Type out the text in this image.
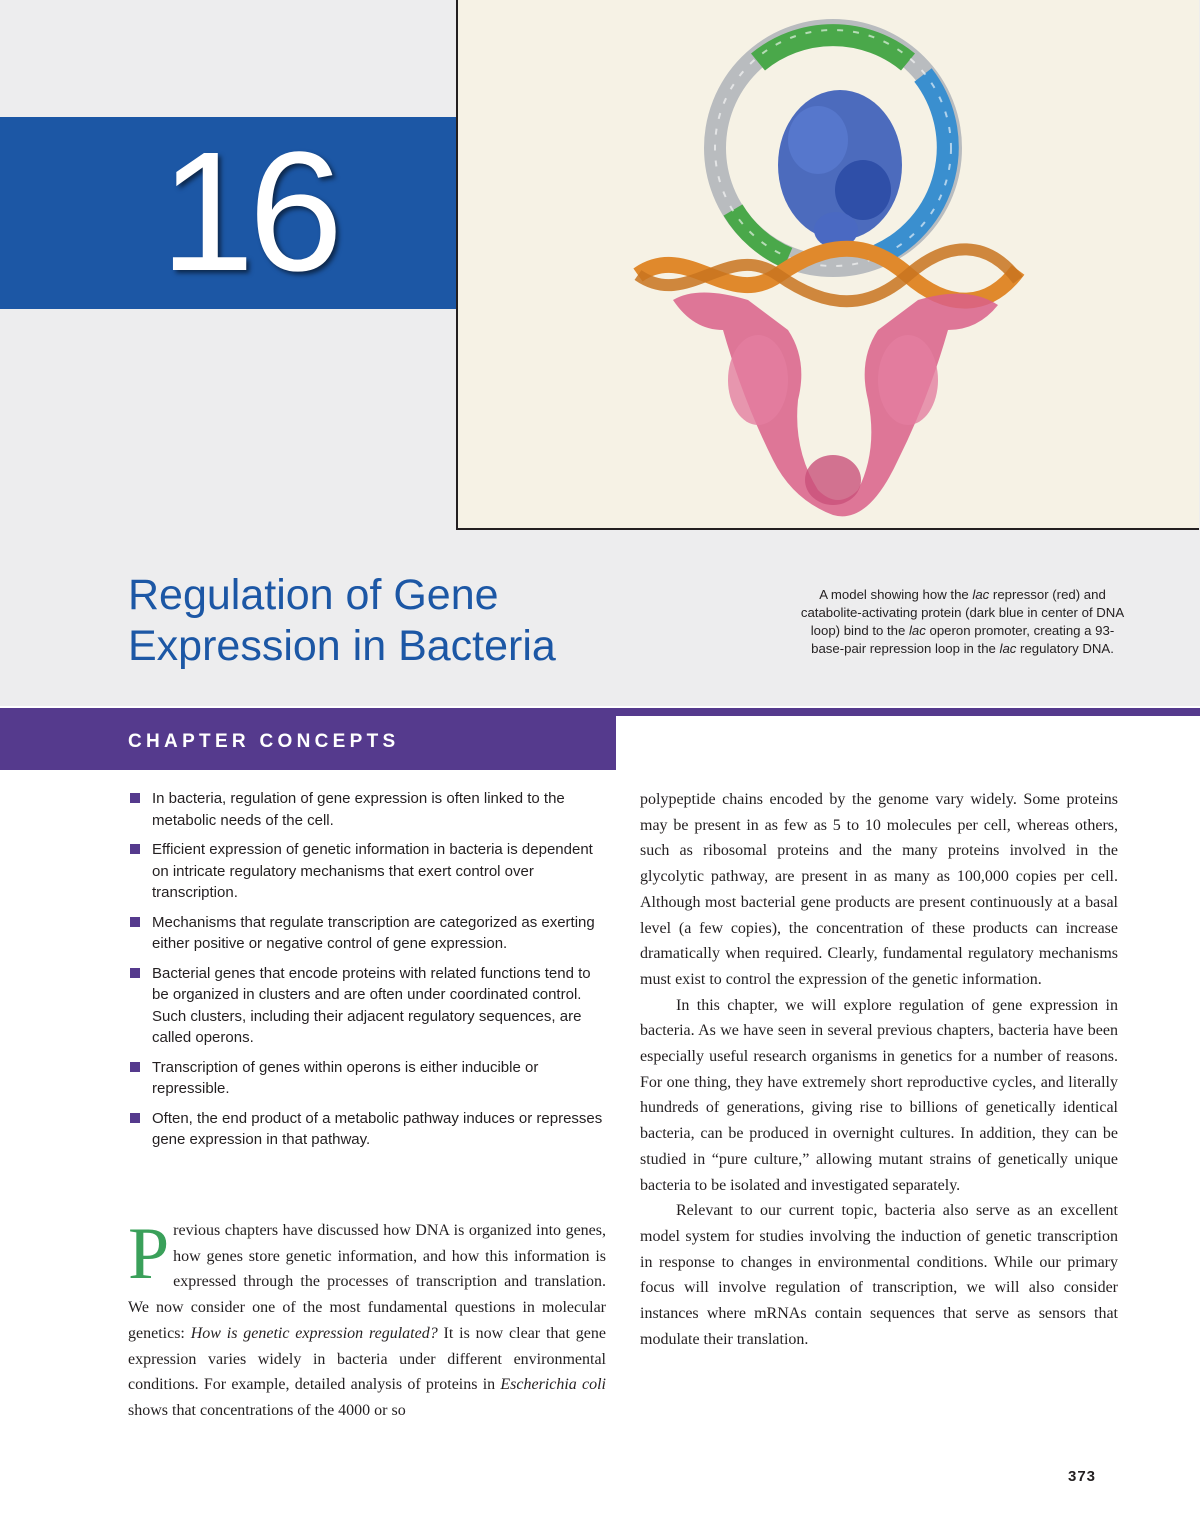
16
Regulation of Gene
Expression in Bacteria
A model showing how the lac repressor (red) and catabolite-activating protein (dark blue in center of DNA loop) bind to the lac operon promoter, creating a 93-base-pair repression loop in the lac regulatory DNA.
CHAPTER CONCEPTS
In bacteria, regulation of gene expression is often linked to the metabolic needs of the cell.
Efficient expression of genetic information in bacteria is dependent on intricate regulatory mechanisms that exert control over transcription.
Mechanisms that regulate transcription are categorized as exerting either positive or negative control of gene expression.
Bacterial genes that encode proteins with related functions tend to be organized in clusters and are often under coordinated control. Such clusters, including their adjacent regulatory sequences, are called operons.
Transcription of genes within operons is either inducible or repressible.
Often, the end product of a metabolic pathway induces or represses gene expression in that pathway.

Previous chapters have discussed how DNA is organized into genes, how genes store genetic information, and how this information is expressed through the processes of transcription and translation. We now consider one of the most fundamental questions in molecular genetics: How is genetic expression regulated? It is now clear that gene expression varies widely in bacteria under different environmental conditions. For example, detailed analysis of proteins in Escherichia coli shows that concentrations of the 4000 or so

polypeptide chains encoded by the genome vary widely. Some proteins may be present in as few as 5 to 10 molecules per cell, whereas others, such as ribosomal proteins and the many proteins involved in the glycolytic pathway, are present in as many as 100,000 copies per cell. Although most bacterial gene products are present continuously at a basal level (a few copies), the concentration of these products can increase dramatically when required. Clearly, fundamental regulatory mechanisms must exist to control the expression of the genetic information.

In this chapter, we will explore regulation of gene expression in bacteria. As we have seen in several previous chapters, bacteria have been especially useful research organisms in genetics for a number of reasons. For one thing, they have extremely short reproductive cycles, and literally hundreds of generations, giving rise to billions of genetically identical bacteria, can be produced in overnight cultures. In addition, they can be studied in “pure culture,” allowing mutant strains of genetically unique bacteria to be isolated and investigated separately.

Relevant to our current topic, bacteria also serve as an excellent model system for studies involving the induction of genetic transcription in response to changes in environmental conditions. While our primary focus will involve regulation of transcription, we will also consider instances where mRNAs contain sequences that serve as sensors that modulate their translation.

373
